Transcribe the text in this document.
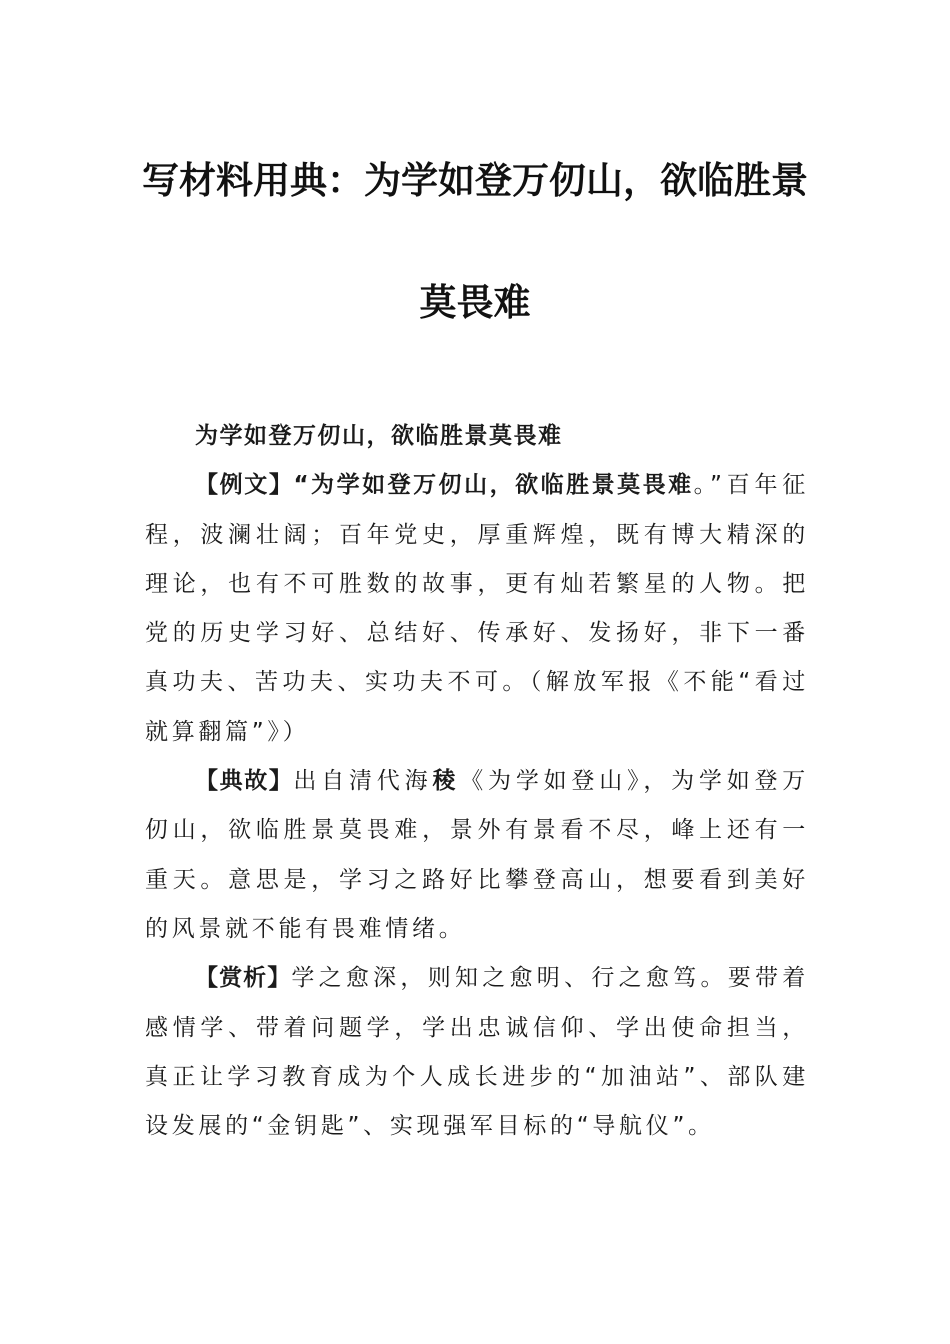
写材料用典：为学如登万仞山，欲临胜景
莫畏难

为学如登万仞山，欲临胜景莫畏难

【例文】“为学如登万仞山，欲临胜景莫畏难。”百年征程，波澜壮阔；百年党史，厚重辉煌，既有博大精深的理论，也有不可胜数的故事，更有灿若繁星的人物。把党的历史学习好、总结好、传承好、发扬好，非下一番真功夫、苦功夫、实功夫不可。（解放军报《不能“看过就算翻篇”》）

【典故】出自清代海稜《为学如登山》，为学如登万仞山，欲临胜景莫畏难，景外有景看不尽，峰上还有一重天。意思是，学习之路好比攀登高山，想要看到美好的风景就不能有畏难情绪。

【赏析】学之愈深，则知之愈明、行之愈笃。要带着感情学、带着问题学，学出忠诚信仰、学出使命担当，真正让学习教育成为个人成长进步的“加油站”、部队建设发展的“金钥匙”、实现强军目标的“导航仪”。
